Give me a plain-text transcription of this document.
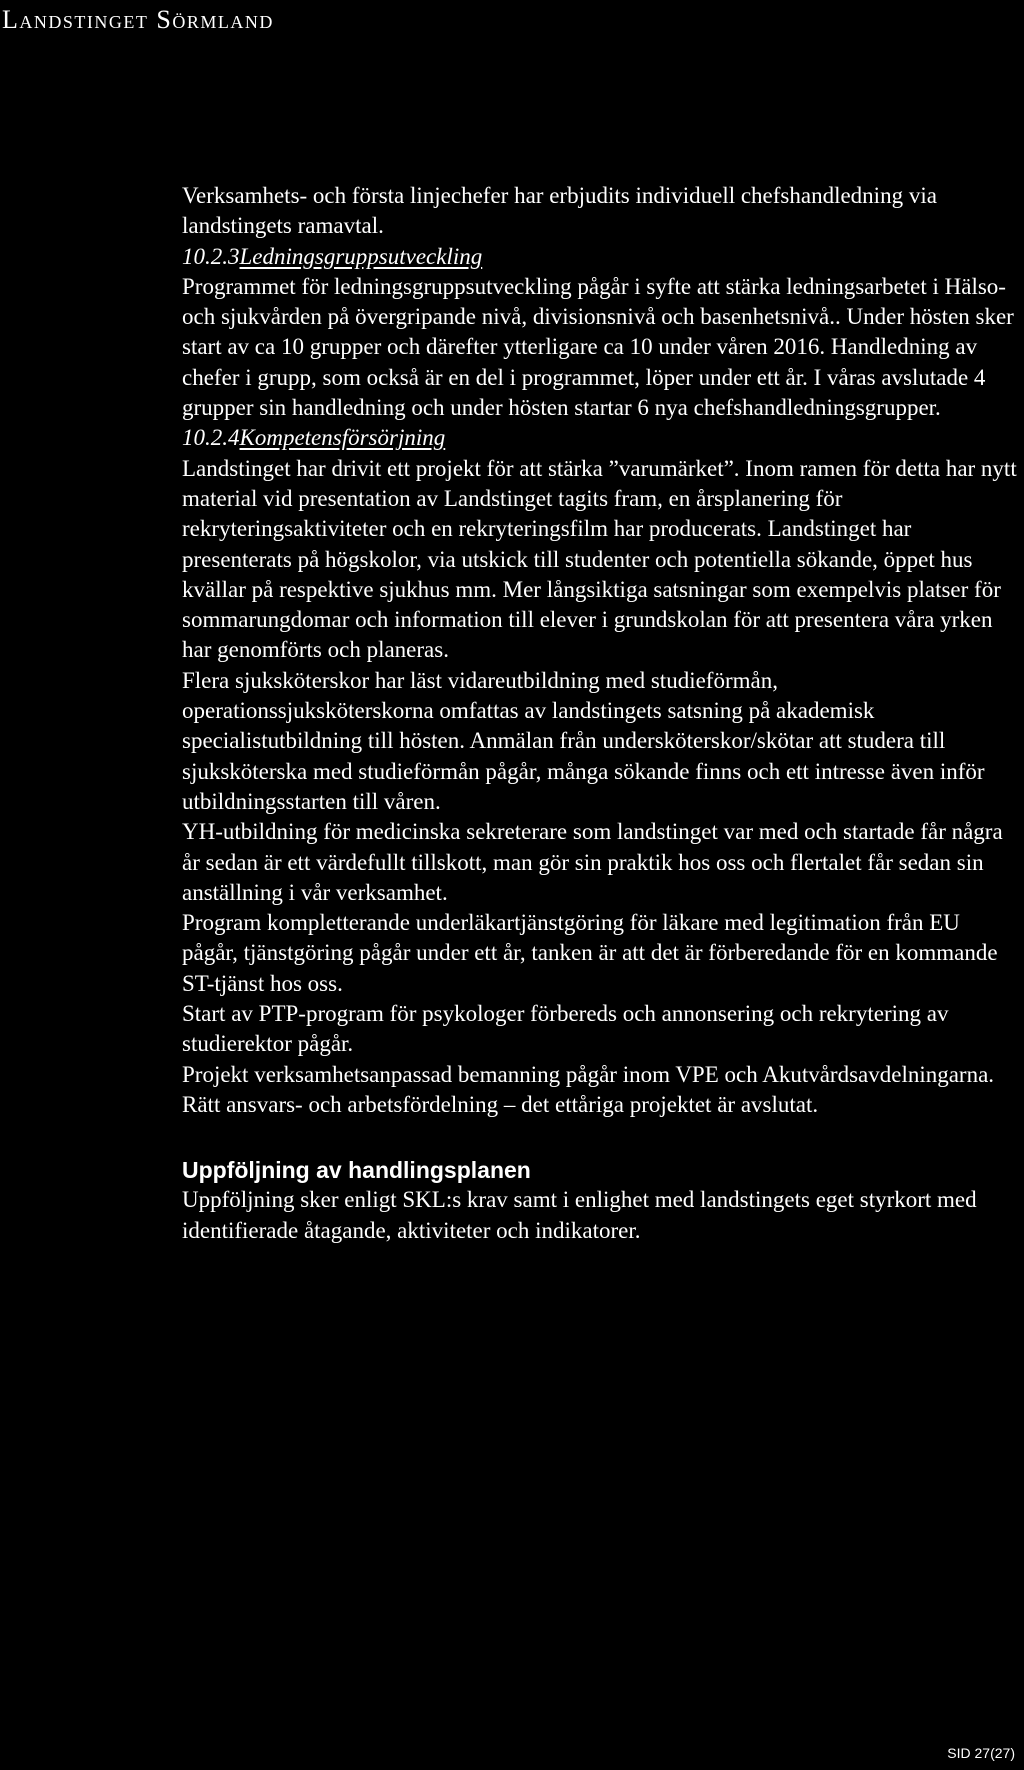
Landstinget Sörmland

Verksamhets- och första linjechefer har erbjudits individuell chefshandledning via landstingets ramavtal.

10.2.3Ledningsgruppsutveckling

Programmet för ledningsgruppsutveckling pågår i syfte att stärka ledningsarbetet i Hälso- och sjukvården på övergripande nivå, divisionsnivå och basenhetsnivå.. Under hösten sker start av ca 10 grupper och därefter ytterligare ca 10 under våren 2016. Handledning av chefer i grupp, som också är en del i programmet, löper under ett år. I våras avslutade 4 grupper sin handledning och under hösten startar 6 nya chefshandledningsgrupper.

10.2.4Kompetensförsörjning

Landstinget har drivit ett projekt för att stärka ”varumärket”. Inom ramen för detta har nytt material vid presentation av Landstinget tagits fram, en årsplanering för rekryteringsaktiviteter och en rekryteringsfilm har producerats. Landstinget har presenterats på högskolor, via utskick till studenter och potentiella sökande, öppet hus kvällar på respektive sjukhus mm. Mer långsiktiga satsningar som exempelvis platser för sommarungdomar och information till elever i grundskolan för att presentera våra yrken har genomförts och planeras.

Flera sjuksköterskor har läst vidareutbildning med studieförmån, operationssjuksköterskorna omfattas av landstingets satsning på akademisk specialistutbildning till hösten. Anmälan från undersköterskor/skötar att studera till sjuksköterska med studieförmån pågår, många sökande finns och ett intresse även inför utbildningsstarten till våren.

YH-utbildning för medicinska sekreterare som landstinget var med och startade får några år sedan är ett värdefullt tillskott, man gör sin praktik hos oss och flertalet får sedan sin anställning i vår verksamhet.

Program kompletterande underläkartjänstgöring för läkare med legitimation från EU pågår, tjänstgöring pågår under ett år, tanken är att det är förberedande för en kommande ST-tjänst hos oss.

Start av PTP-program för psykologer förbereds och annonsering och rekrytering av studierektor pågår.

Projekt verksamhetsanpassad bemanning pågår inom VPE och Akutvårdsavdelningarna.

Rätt ansvars- och arbetsfördelning – det ettåriga projektet är avslutat.

Uppföljning av handlingsplanen

Uppföljning sker enligt SKL:s krav samt i enlighet med landstingets eget styrkort med identifierade åtagande, aktiviteter och indikatorer.

SID 27(27)
